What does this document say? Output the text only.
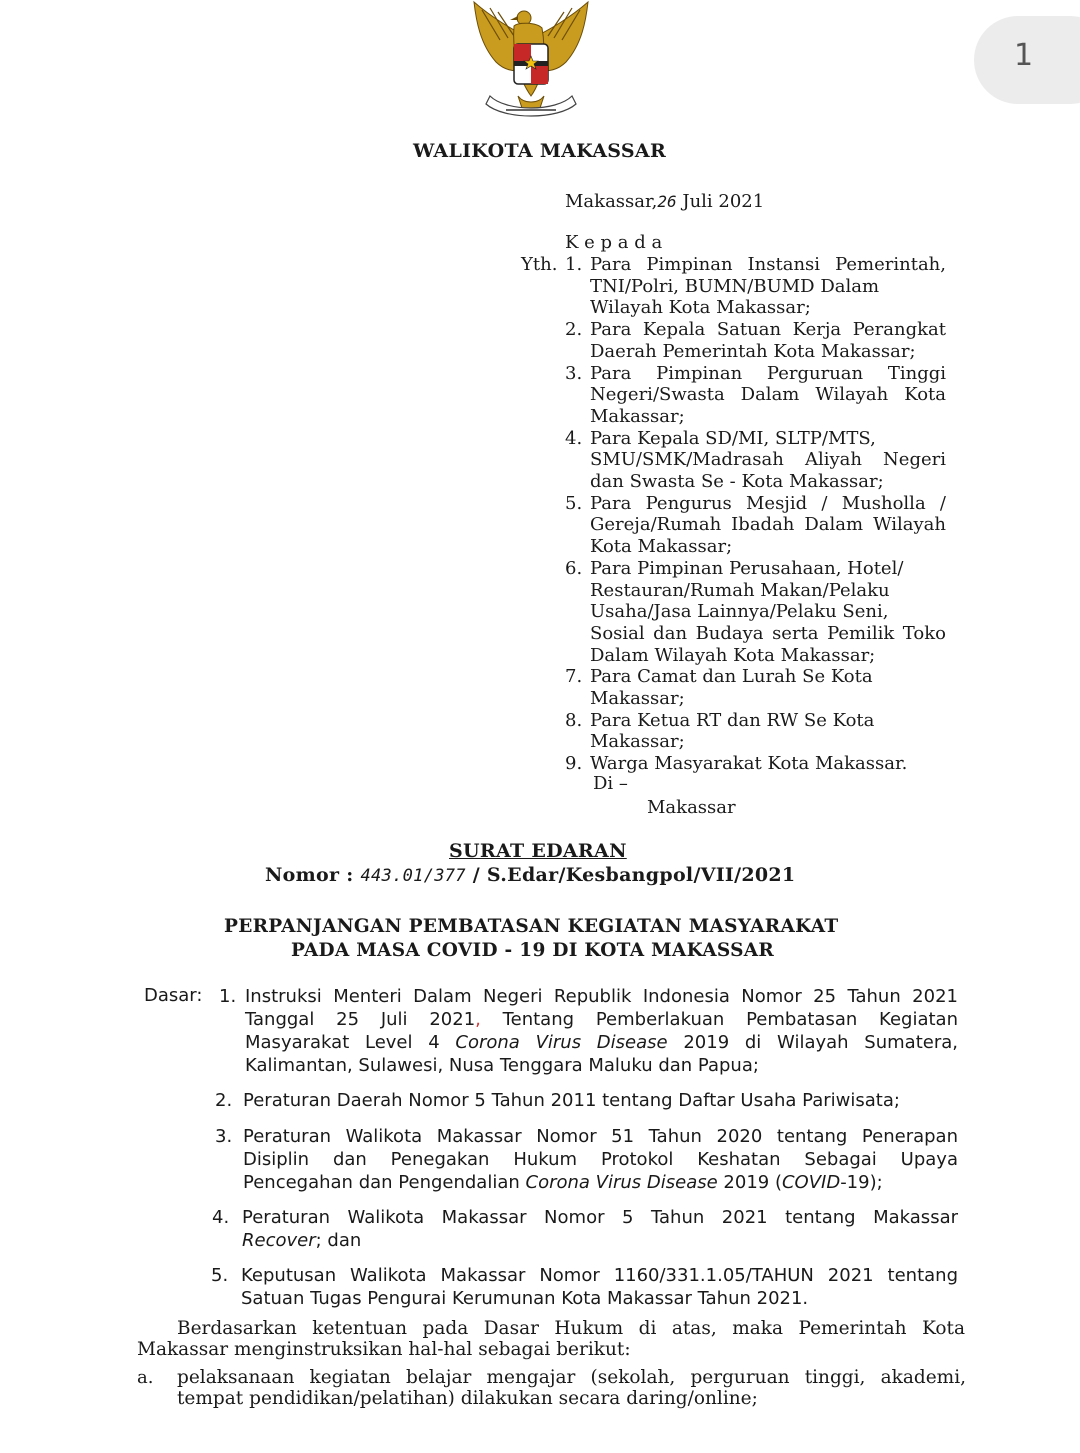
1
WALIKOTA MAKASSAR
Makassar,26 Juli 2021
K e p a d a
Yth. 1. Para Pimpinan Instansi Pemerintah,
TNI/Polri, BUMN/BUMD Dalam
Wilayah Kota Makassar;
2. Para Kepala Satuan Kerja Perangkat
Daerah Pemerintah Kota Makassar;
3. Para Pimpinan Perguruan Tinggi
Negeri/Swasta Dalam Wilayah Kota
Makassar;
4. Para Kepala SD/MI, SLTP/MTS,
SMU/SMK/Madrasah Aliyah Negeri
dan Swasta Se - Kota Makassar;
5. Para Pengurus Mesjid / Musholla /
Gereja/Rumah Ibadah Dalam Wilayah
Kota Makassar;
6. Para Pimpinan Perusahaan, Hotel/
Restauran/Rumah Makan/Pelaku
Usaha/Jasa Lainnya/Pelaku Seni,
Sosial dan Budaya serta Pemilik Toko
Dalam Wilayah Kota Makassar;
7. Para Camat dan Lurah Se Kota
Makassar;
8. Para Ketua RT dan RW Se Kota
Makassar;
9. Warga Masyarakat Kota Makassar.
Di –
Makassar
SURAT EDARAN
Nomor : 443.01/377 / S.Edar/Kesbangpol/VII/2021
PERPANJANGAN PEMBATASAN KEGIATAN MASYARAKAT
PADA MASA COVID - 19 DI KOTA MAKASSAR
Dasar: 1. Instruksi Menteri Dalam Negeri Republik Indonesia Nomor 25 Tahun 2021
Tanggal 25 Juli 2021, Tentang Pemberlakuan Pembatasan Kegiatan
Masyarakat Level 4 Corona Virus Disease 2019 di Wilayah Sumatera,
Kalimantan, Sulawesi, Nusa Tenggara Maluku dan Papua;
2. Peraturan Daerah Nomor 5 Tahun 2011 tentang Daftar Usaha Pariwisata;
3. Peraturan Walikota Makassar Nomor 51 Tahun 2020 tentang Penerapan
Disiplin dan Penegakan Hukum Protokol Keshatan Sebagai Upaya
Pencegahan dan Pengendalian Corona Virus Disease 2019 (COVID-19);
4. Peraturan Walikota Makassar Nomor 5 Tahun 2021 tentang Makassar
Recover; dan
5. Keputusan Walikota Makassar Nomor 1160/331.1.05/TAHUN 2021 tentang
Satuan Tugas Pengurai Kerumunan Kota Makassar Tahun 2021.
Berdasarkan ketentuan pada Dasar Hukum di atas, maka Pemerintah Kota
Makassar menginstruksikan hal-hal sebagai berikut:
a. pelaksanaan kegiatan belajar mengajar (sekolah, perguruan tinggi, akademi,
tempat pendidikan/pelatihan) dilakukan secara daring/online;
